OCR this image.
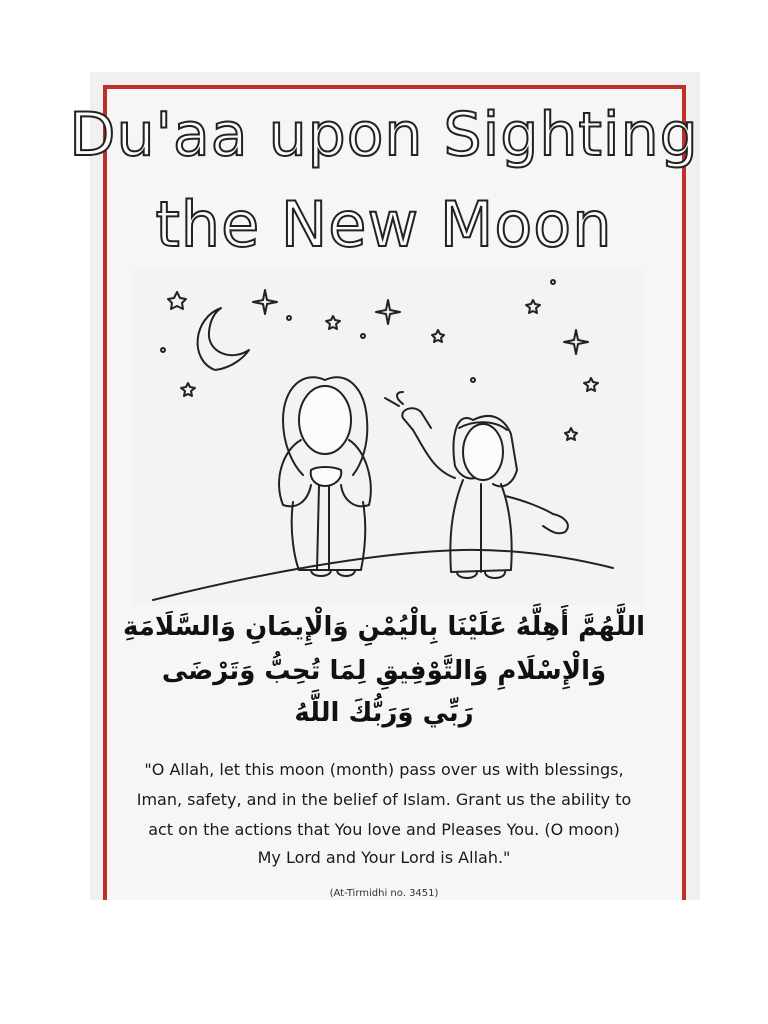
Du'aa upon Sighting
the New Moon
اللَّهُمَّ أَهِلَّهُ عَلَيْنَا بِالْيُمْنِ وَالْإِيمَانِ وَالسَّلَامَةِ
وَالْإِسْلَامِ وَالتَّوْفِيقِ لِمَا تُحِبُّ وَتَرْضَى
رَبِّي وَرَبُّكَ اللَّهُ
"O Allah, let this moon (month) pass over us with blessings,
Iman, safety, and in the belief of Islam. Grant us the ability to
act on the actions that You love and Pleases You. (O moon)
My Lord and Your Lord is Allah."
(At-Tirmidhi no. 3451)
